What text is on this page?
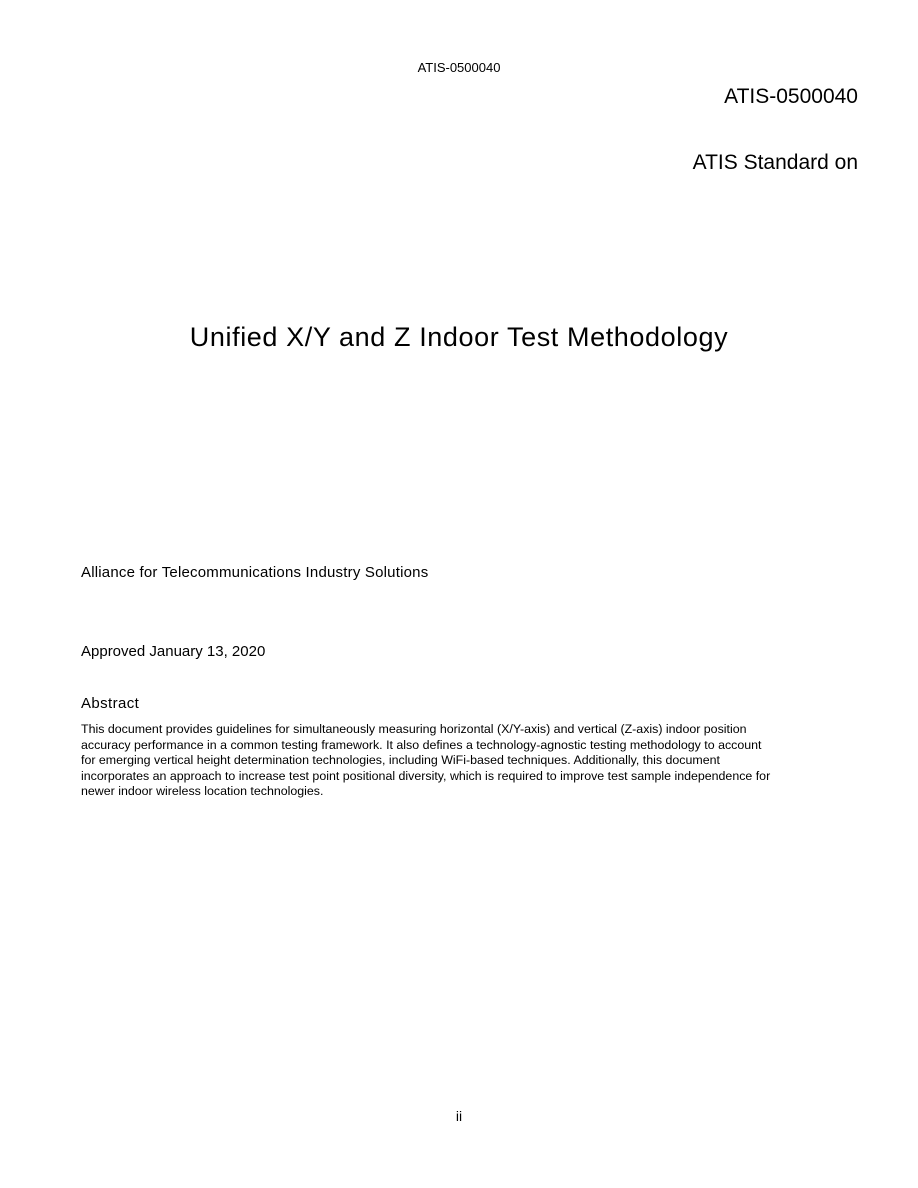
ATIS-0500040
ATIS-0500040
ATIS Standard on
Unified X/Y and Z Indoor Test Methodology
Alliance for Telecommunications Industry Solutions
Approved January 13, 2020
Abstract
This document provides guidelines for simultaneously measuring horizontal (X/Y-axis) and vertical (Z-axis) indoor position
accuracy performance in a common testing framework. It also defines a technology-agnostic testing methodology to account
for emerging vertical height determination technologies, including WiFi-based techniques. Additionally, this document
incorporates an approach to increase test point positional diversity, which is required to improve test sample independence for
newer indoor wireless location technologies.
ii
